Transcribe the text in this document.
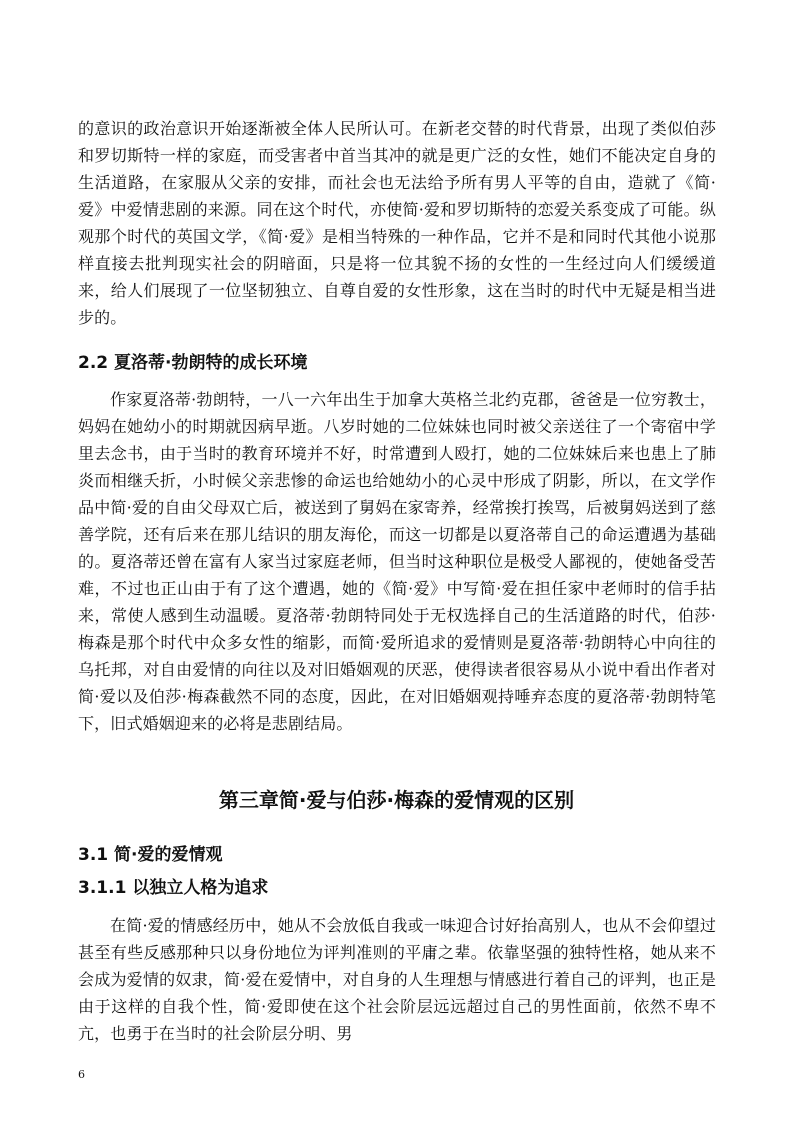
的意识的政治意识开始逐渐被全体人民所认可。在新老交替的时代背景，出现了类似伯莎和罗切斯特一样的家庭，而受害者中首当其冲的就是更广泛的女性，她们不能决定自身的生活道路，在家服从父亲的安排，而社会也无法给予所有男人平等的自由，造就了《简·爱》中爱情悲剧的来源。同在这个时代，亦使简·爱和罗切斯特的恋爱关系变成了可能。纵观那个时代的英国文学，《简·爱》是相当特殊的一种作品，它并不是和同时代其他小说那样直接去批判现实社会的阴暗面，只是将一位其貌不扬的女性的一生经过向人们缓缓道来，给人们展现了一位坚韧独立、自尊自爱的女性形象，这在当时的时代中无疑是相当进步的。

2.2 夏洛蒂·勃朗特的成长环境

作家夏洛蒂·勃朗特，一八一六年出生于加拿大英格兰北约克郡，爸爸是一位穷教士，妈妈在她幼小的时期就因病早逝。八岁时她的二位妹妹也同时被父亲送往了一个寄宿中学里去念书，由于当时的教育环境并不好，时常遭到人殴打，她的二位妹妹后来也患上了肺炎而相继夭折，小时候父亲悲惨的命运也给她幼小的心灵中形成了阴影，所以，在文学作品中简·爱的自由父母双亡后，被送到了舅妈在家寄养，经常挨打挨骂，后被舅妈送到了慈善学院，还有后来在那儿结识的朋友海伦，而这一切都是以夏洛蒂自己的命运遭遇为基础的。夏洛蒂还曾在富有人家当过家庭老师，但当时这种职位是极受人鄙视的，使她备受苦难，不过也正山由于有了这个遭遇，她的《简·爱》中写简·爱在担任家中老师时的信手拈来，常使人感到生动温暖。夏洛蒂·勃朗特同处于无权选择自己的生活道路的时代，伯莎·梅森是那个时代中众多女性的缩影，而简·爱所追求的爱情则是夏洛蒂·勃朗特心中向往的乌托邦，对自由爱情的向往以及对旧婚姻观的厌恶，使得读者很容易从小说中看出作者对简·爱以及伯莎·梅森截然不同的态度，因此，在对旧婚姻观持唾弃态度的夏洛蒂·勃朗特笔下，旧式婚姻迎来的必将是悲剧结局。

第三章简·爱与伯莎·梅森的爱情观的区别
3.1 简·爱的爱情观
3.1.1 以独立人格为追求

在简·爱的情感经历中，她从不会放低自我或一味迎合讨好抬高别人，也从不会仰望过甚至有些反感那种只以身份地位为评判准则的平庸之辈。依靠坚强的独特性格，她从来不会成为爱情的奴隶，简·爱在爱情中，对自身的人生理想与情感进行着自己的评判，也正是由于这样的自我个性，简·爱即使在这个社会阶层远远超过自己的男性面前，依然不卑不亢，也勇于在当时的社会阶层分明、男

6
